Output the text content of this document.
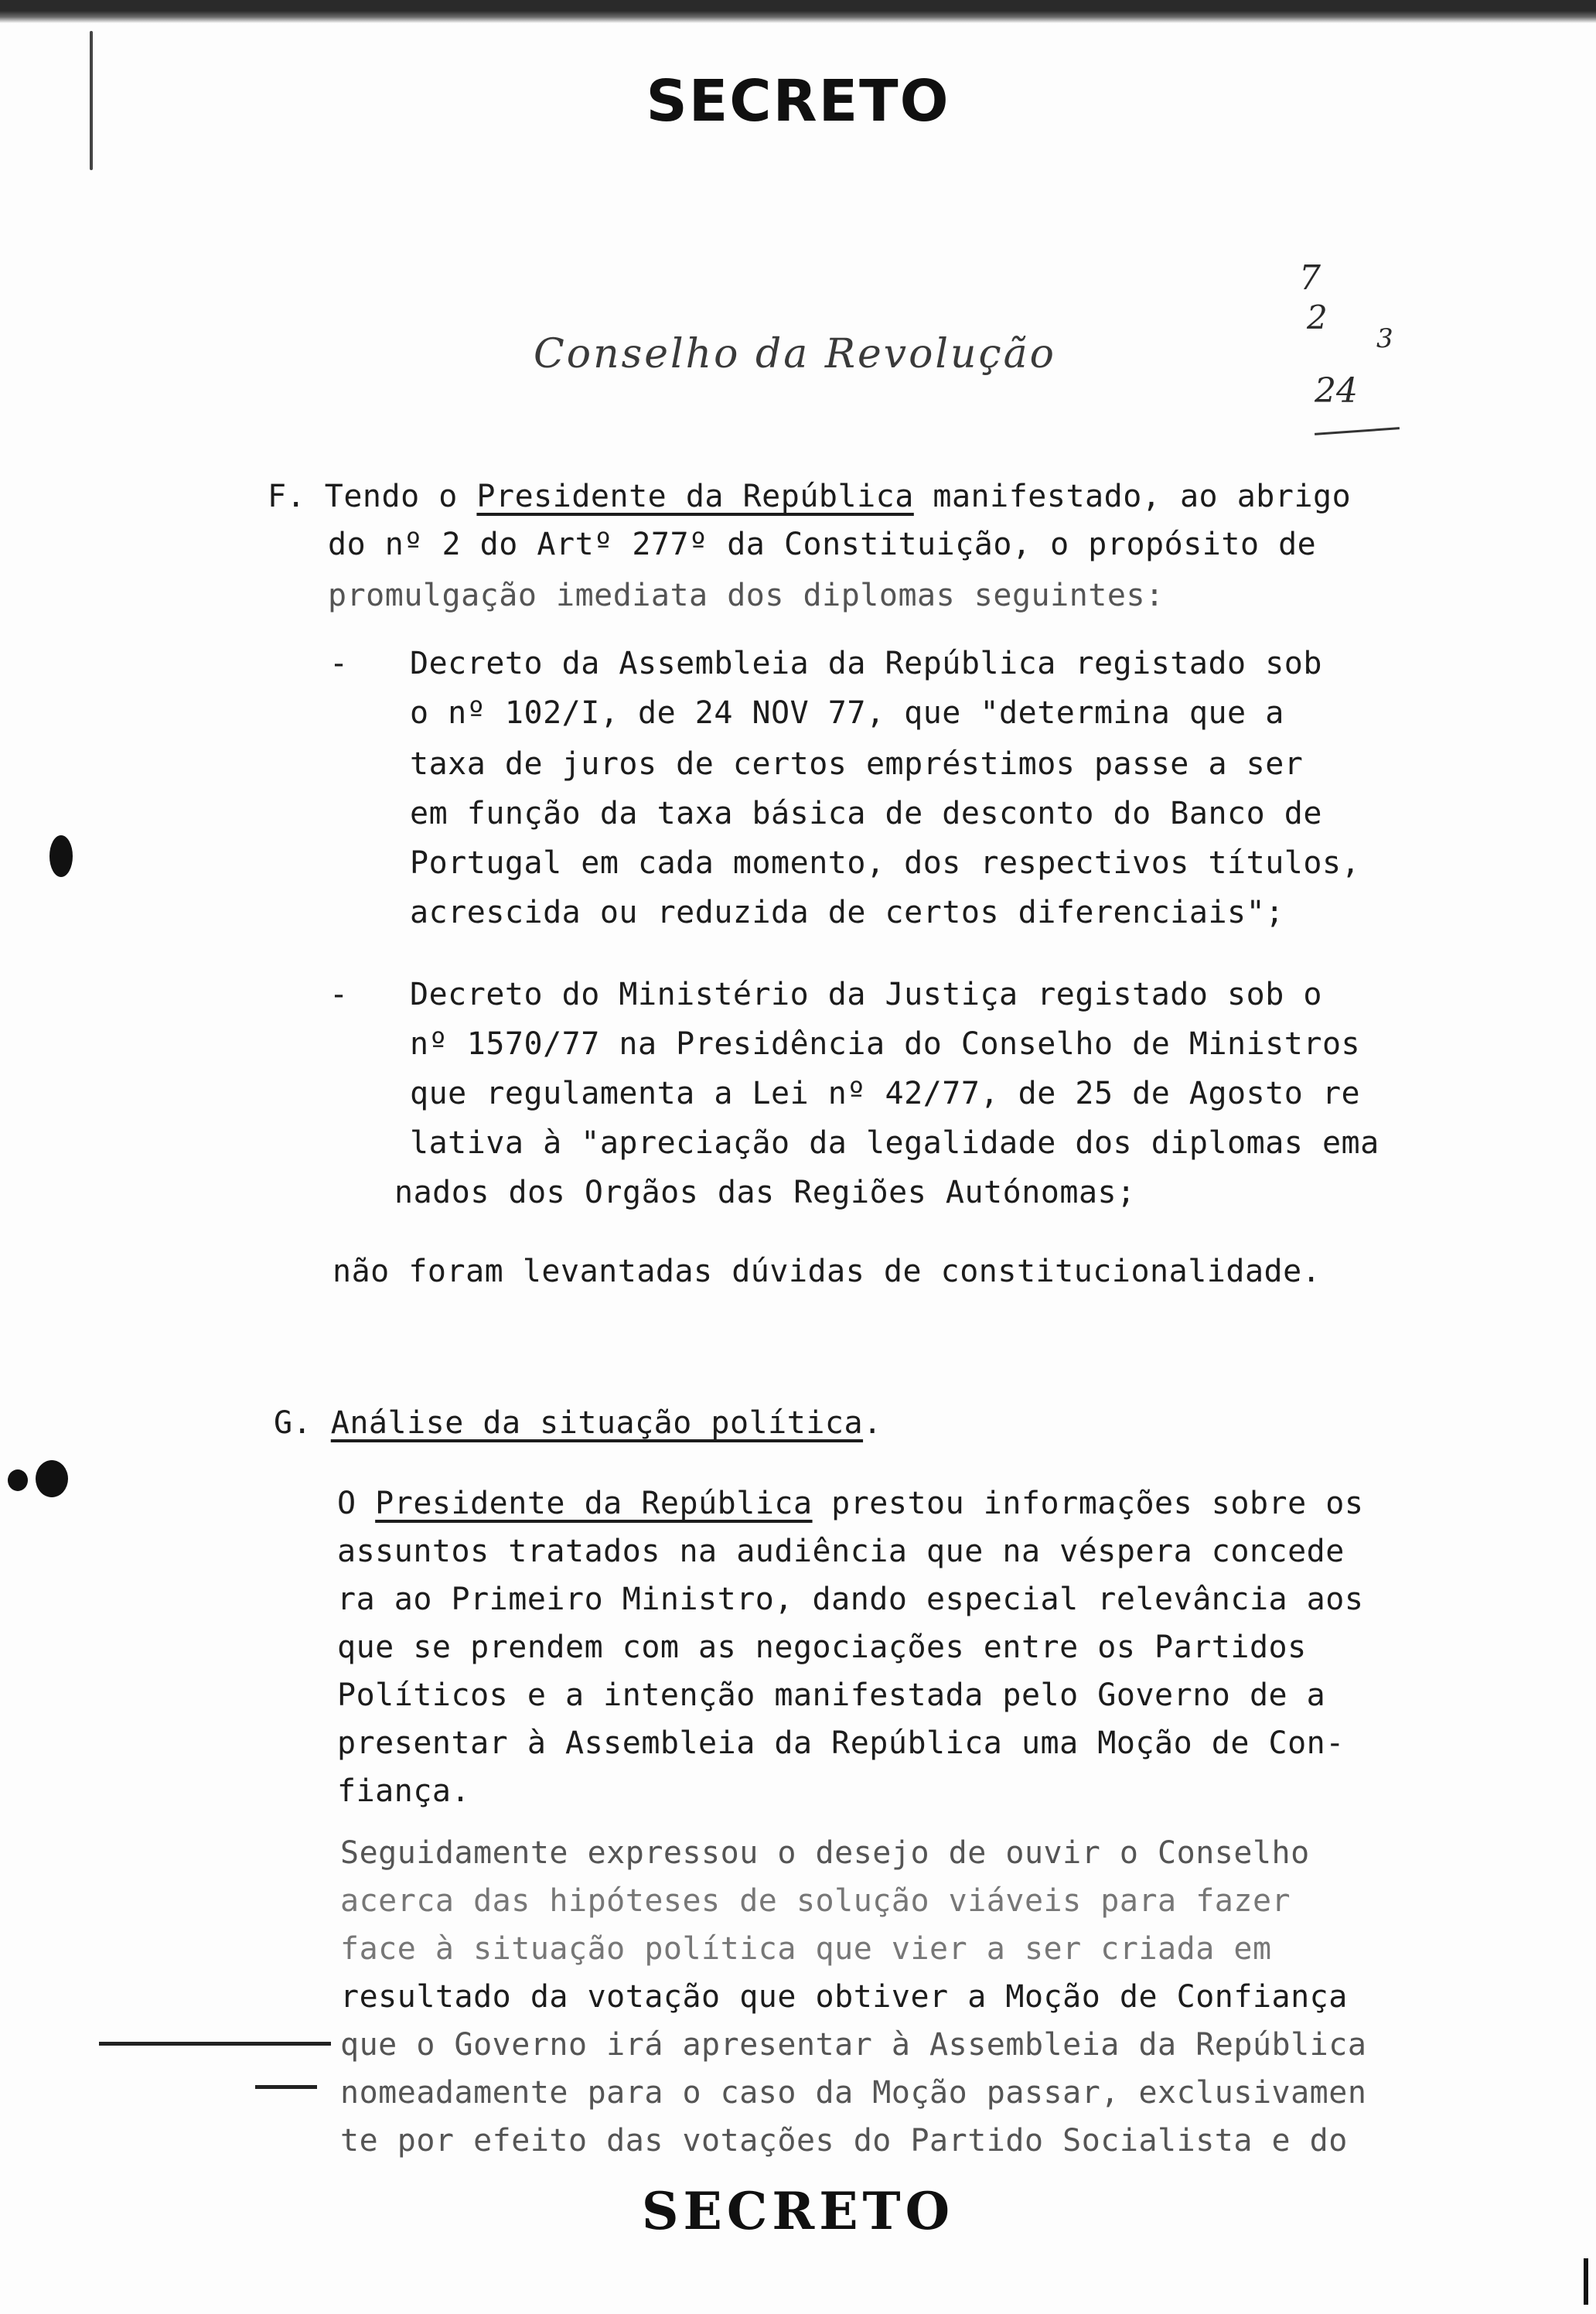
SECRETO
Conselho da Revolução
7
2
24
3
F. Tendo o Presidente da República manifestado, ao abrigo
do nº 2 do Artº 277º da Constituição, o propósito de
promulgação imediata dos diplomas seguintes:
- Decreto da Assembleia da República registado sob
o nº 102/I, de 24 NOV 77, que "determina que a
taxa de juros de certos empréstimos passe a ser
em função da taxa básica de desconto do Banco de
Portugal em cada momento, dos respectivos títulos,
acrescida ou reduzida de certos diferenciais";
- Decreto do Ministério da Justiça registado sob o
nº 1570/77 na Presidência do Conselho de Ministros
que regulamenta a Lei nº 42/77, de 25 de Agosto re
lativa à "apreciação da legalidade dos diplomas ema
nados dos Orgãos das Regiões Autónomas;
não foram levantadas dúvidas de constitucionalidade.
G. Análise da situação política.
O Presidente da República prestou informações sobre os
assuntos tratados na audiência que na véspera concede
ra ao Primeiro Ministro, dando especial relevância aos
que se prendem com as negociações entre os Partidos
Políticos e a intenção manifestada pelo Governo de a
presentar à Assembleia da República uma Moção de Con-
fiança.
Seguidamente expressou o desejo de ouvir o Conselho
acerca das hipóteses de solução viáveis para fazer
face à situação política que vier a ser criada em
resultado da votação que obtiver a Moção de Confiança
que o Governo irá apresentar à Assembleia da República
nomeadamente para o caso da Moção passar, exclusivamen
te por efeito das votações do Partido Socialista e do
SECRETO
